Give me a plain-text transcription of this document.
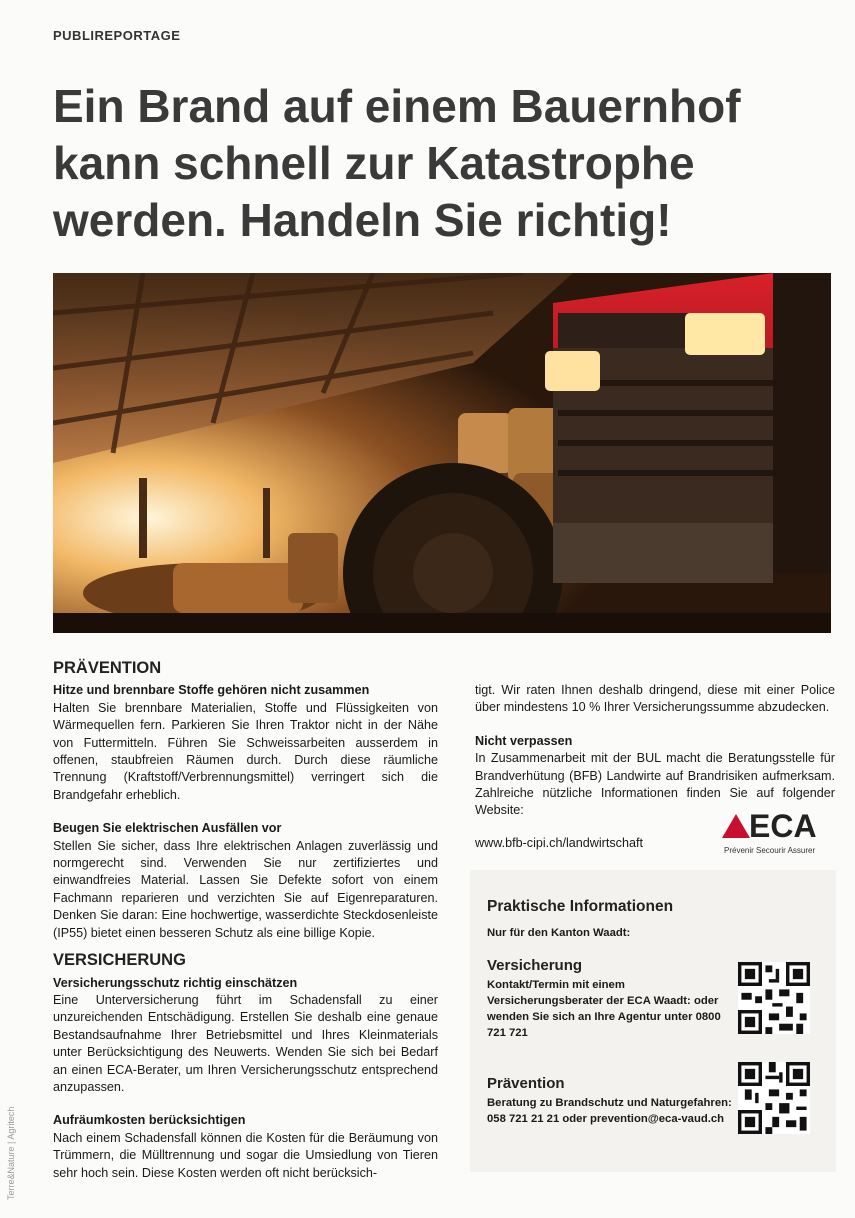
PUBLIREPORTAGE
Ein Brand auf einem Bauernhof kann schnell zur Katastrophe werden. Handeln Sie richtig!
PRÄVENTION

Hitze und brennbare Stoffe gehören nicht zusammen

Halten Sie brennbare Materialien, Stoffe und Flüssigkeiten von Wärmequellen fern. Parkieren Sie Ihren Traktor nicht in der Nähe von Futtermitteln. Führen Sie Schweissarbeiten ausserdem in offenen, staubfreien Räumen durch. Durch diese räumliche Trennung (Kraftstoff/Verbrennungsmittel) verringert sich die Brandgefahr erheblich.

Beugen Sie elektrischen Ausfällen vor

Stellen Sie sicher, dass Ihre elektrischen Anlagen zuverlässig und normgerecht sind. Verwenden Sie nur zertifiziertes und einwandfreies Material. Lassen Sie Defekte sofort von einem Fachmann reparieren und verzichten Sie auf Eigenreparaturen. Denken Sie daran: Eine hochwertige, wasserdichte Steckdosenleiste (IP55) bietet einen besseren Schutz als eine billige Kopie.

VERSICHERUNG

Versicherungsschutz richtig einschätzen

Eine Unterversicherung führt im Schadensfall zu einer unzureichenden Entschädigung. Erstellen Sie deshalb eine genaue Bestandsaufnahme Ihrer Betriebsmittel und Ihres Kleinmaterials unter Berücksichtigung des Neuwerts. Wenden Sie sich bei Bedarf an einen ECA-Berater, um Ihren Versicherungsschutz entsprechend anzupassen.

Aufräumkosten berücksichtigen

Nach einem Schadensfall können die Kosten für die Beräumung von Trümmern, die Mülltrennung und sogar die Umsiedlung von Tieren sehr hoch sein. Diese Kosten werden oft nicht berücksich-

tigt. Wir raten Ihnen deshalb dringend, diese mit einer Police über mindestens 10 % Ihrer Versicherungssumme abzudecken.

Nicht verpassen

In Zusammenarbeit mit der BUL macht die Beratungsstelle für Brandverhütung (BFB) Landwirte auf Brandrisiken aufmerksam. Zahlreiche nützliche Informationen finden Sie auf folgender Website:

www.bfb-cipi.ch/landwirtschaft	ECA
Prévenir Secourir Assurer
Praktische Informationen
Nur für den Kanton Waadt:
Versicherung
Kontakt/Termin mit einem Versicherungsberater der ECA Waadt: oder wenden Sie sich an Ihre Agentur unter 0800 721 721
Prävention
Beratung zu Brandschutz und Naturgefahren: 058 721 21 21 oder prevention@eca-vaud.ch
Terre&Nature | Agritech
